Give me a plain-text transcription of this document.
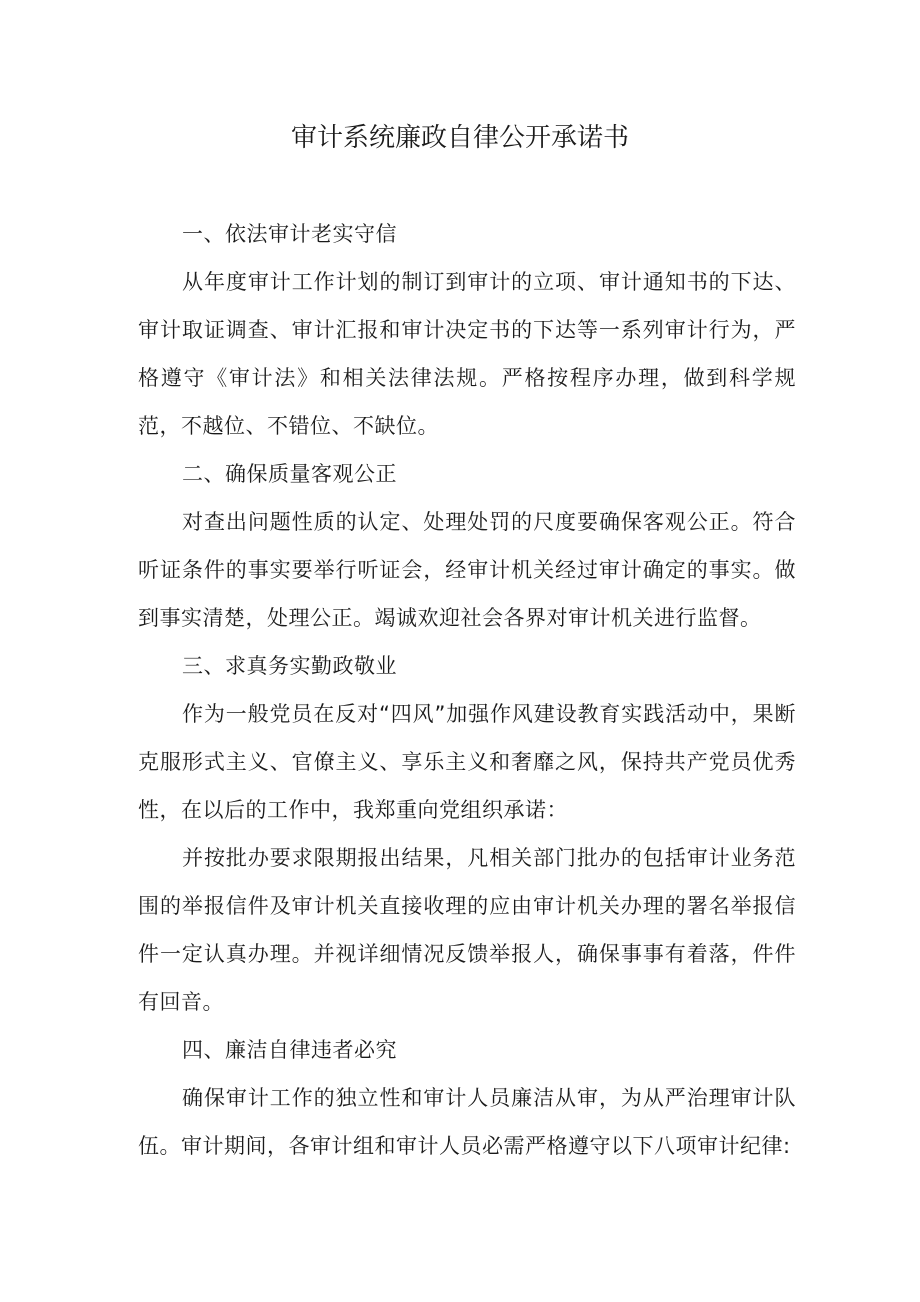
审计系统廉政自律公开承诺书

一、依法审计老实守信

从年度审计工作计划的制订到审计的立项、审计通知书的下达、审计取证调查、审计汇报和审计决定书的下达等一系列审计行为，严格遵守《审计法》和相关法律法规。严格按程序办理，做到科学规范，不越位、不错位、不缺位。

二、确保质量客观公正

对查出问题性质的认定、处理处罚的尺度要确保客观公正。符合听证条件的事实要举行听证会，经审计机关经过审计确定的事实。做到事实清楚，处理公正。竭诚欢迎社会各界对审计机关进行监督。

三、求真务实勤政敬业

作为一般党员在反对“四风”加强作风建设教育实践活动中，果断克服形式主义、官僚主义、享乐主义和奢靡之风，保持共产党员优秀性，在以后的工作中，我郑重向党组织承诺：

并按批办要求限期报出结果，凡相关部门批办的包括审计业务范围的举报信件及审计机关直接收理的应由审计机关办理的署名举报信件一定认真办理。并视详细情况反馈举报人，确保事事有着落，件件有回音。

四、廉洁自律违者必究

确保审计工作的独立性和审计人员廉洁从审，为从严治理审计队伍。审计期间，各审计组和审计人员必需严格遵守以下八项审计纪律:
